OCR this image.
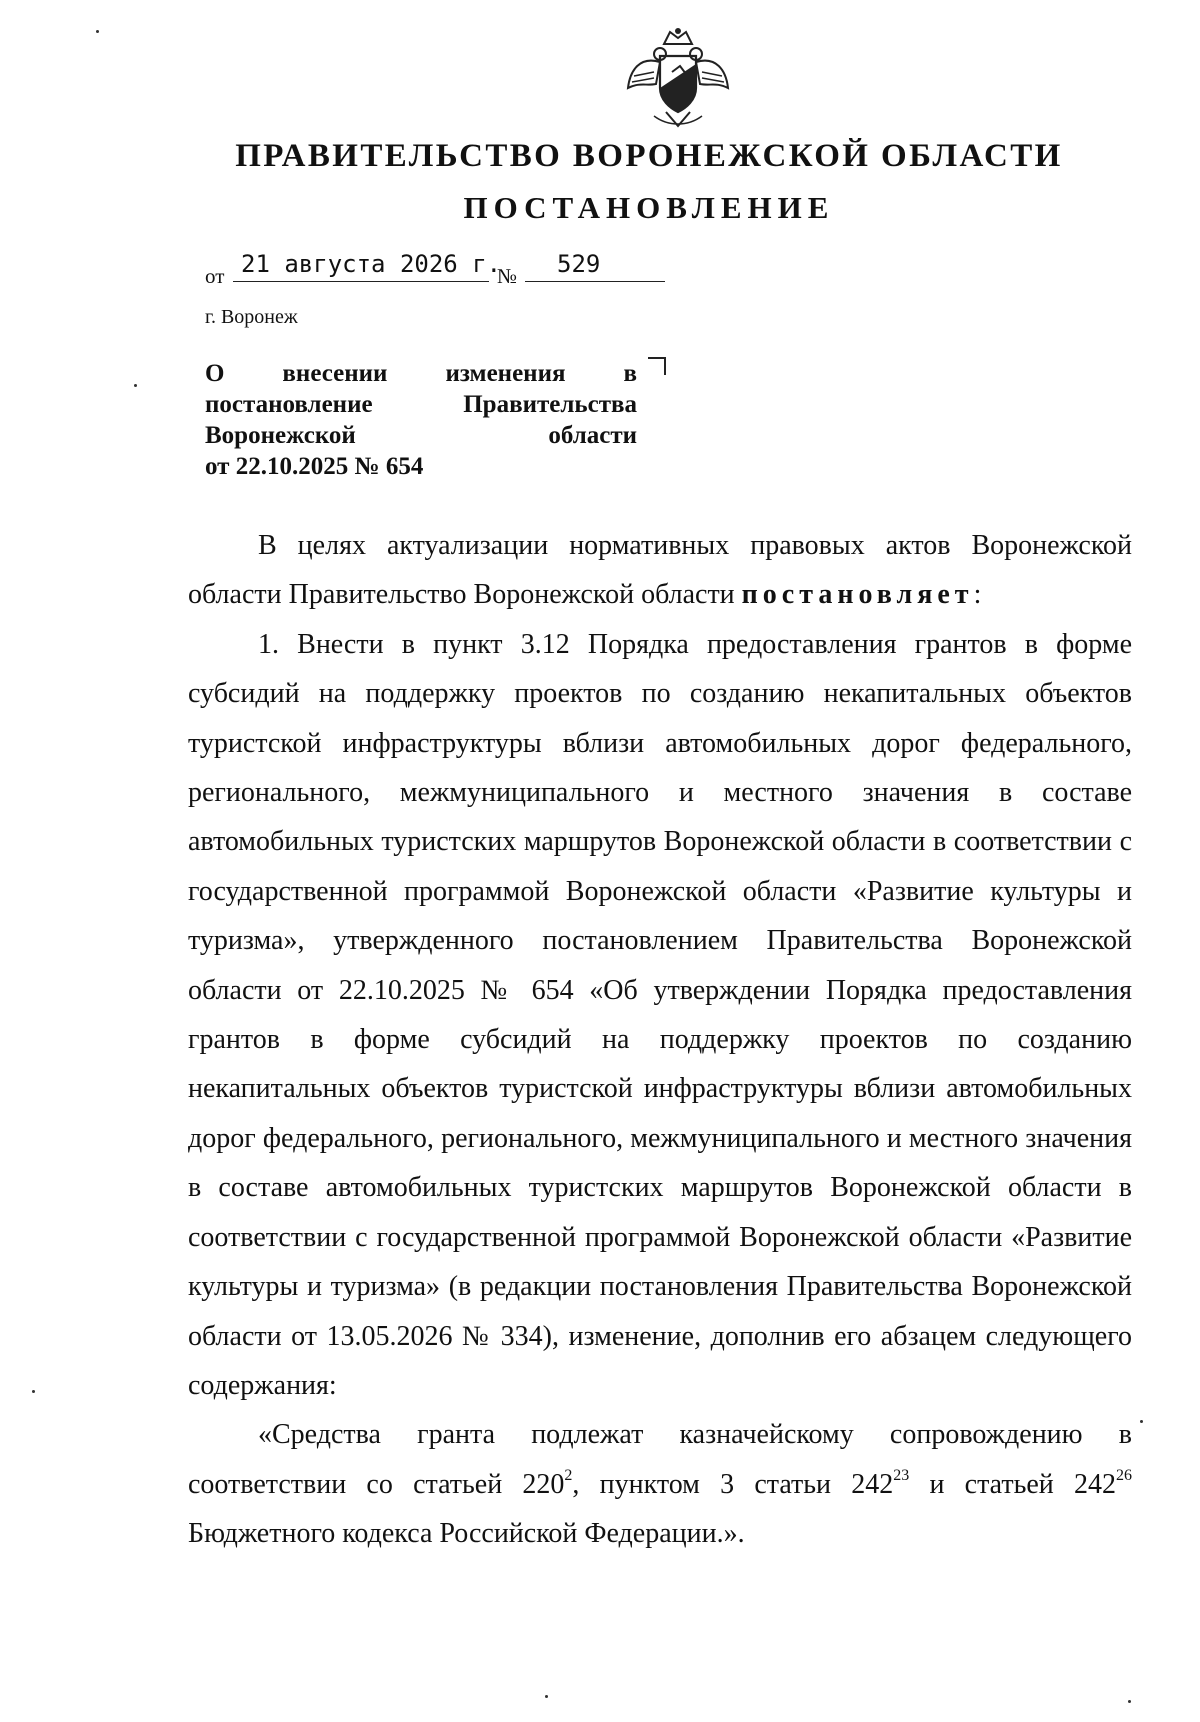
ПРАВИТЕЛЬСТВО ВОРОНЕЖСКОЙ ОБЛАСТИ
ПОСТАНОВЛЕНИЕ
от 21 августа 2026 г.
№ 529
г. Воронеж
О внесении изменения в
постановление Правительства
Воронежской области
от 22.10.2025 № 654

В целях актуализации нормативных правовых актов Воронежской области Правительство Воронежской области постановляет:

1. Внести в пункт 3.12 Порядка предоставления грантов в форме субсидий на поддержку проектов по созданию некапитальных объектов туристской инфраструктуры вблизи автомобильных дорог федерального, регионального, межмуниципального и местного значения в составе автомобильных туристских маршрутов Воронежской области в соответствии с государственной программой Воронежской области «Развитие культуры и туризма», утвержденного постановлением Правительства Воронежской области от 22.10.2025 № 654 «Об утверждении Порядка предоставления грантов в форме субсидий на поддержку проектов по созданию некапитальных объектов туристской инфраструктуры вблизи автомобильных дорог федерального, регионального, межмуниципального и местного значения в составе автомобильных туристских маршрутов Воронежской области в соответствии с государственной программой Воронежской области «Развитие культуры и туризма» (в редакции постановления Правительства Воронежской области от 13.05.2026 № 334), изменение, дополнив его абзацем следующего содержания:

«Средства гранта подлежат казначейскому сопровождению в соответствии со статьей $220^2$, пунктом 3 статьи $242^{23}$ и статьей $242^{26}$ Бюджетного кодекса Российской Федерации.».
